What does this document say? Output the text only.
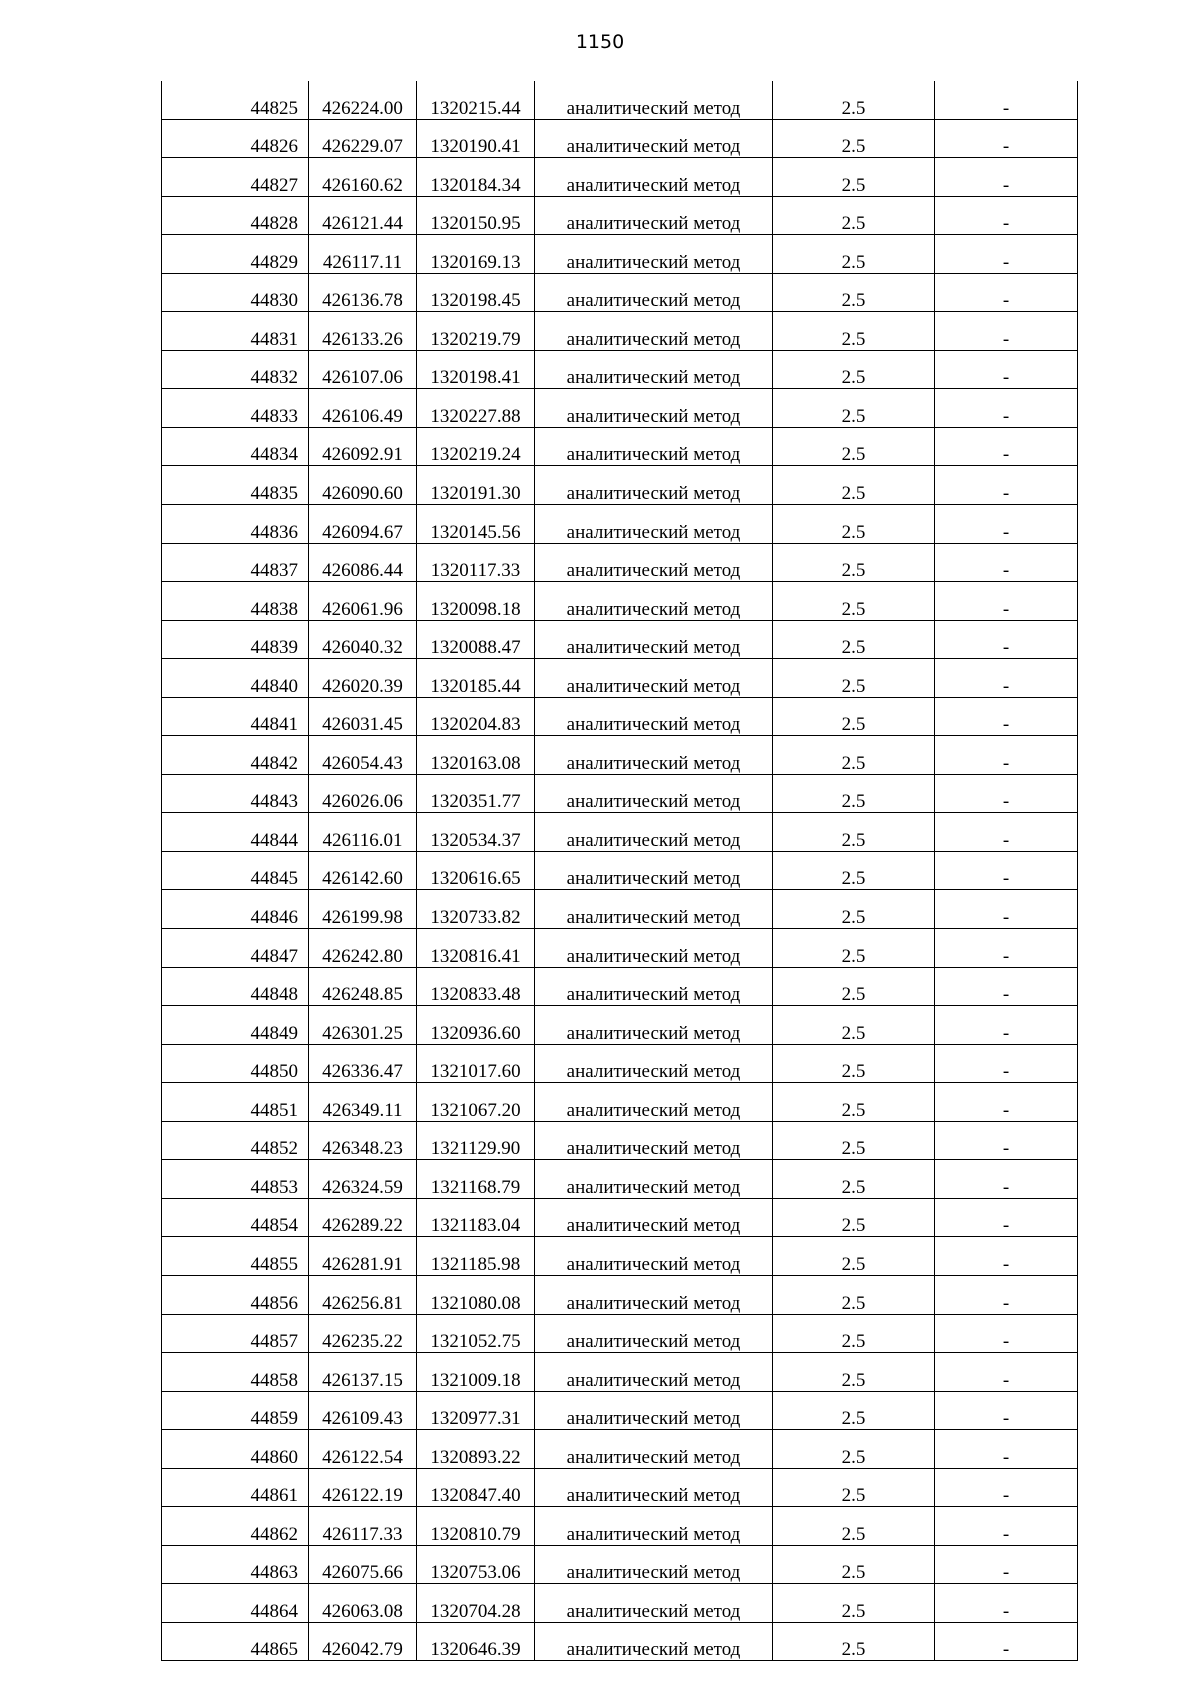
1150
44825	426224.00	1320215.44	аналитический метод	2.5	-
44826	426229.07	1320190.41	аналитический метод	2.5	-
44827	426160.62	1320184.34	аналитический метод	2.5	-
44828	426121.44	1320150.95	аналитический метод	2.5	-
44829	426117.11	1320169.13	аналитический метод	2.5	-
44830	426136.78	1320198.45	аналитический метод	2.5	-
44831	426133.26	1320219.79	аналитический метод	2.5	-
44832	426107.06	1320198.41	аналитический метод	2.5	-
44833	426106.49	1320227.88	аналитический метод	2.5	-
44834	426092.91	1320219.24	аналитический метод	2.5	-
44835	426090.60	1320191.30	аналитический метод	2.5	-
44836	426094.67	1320145.56	аналитический метод	2.5	-
44837	426086.44	1320117.33	аналитический метод	2.5	-
44838	426061.96	1320098.18	аналитический метод	2.5	-
44839	426040.32	1320088.47	аналитический метод	2.5	-
44840	426020.39	1320185.44	аналитический метод	2.5	-
44841	426031.45	1320204.83	аналитический метод	2.5	-
44842	426054.43	1320163.08	аналитический метод	2.5	-
44843	426026.06	1320351.77	аналитический метод	2.5	-
44844	426116.01	1320534.37	аналитический метод	2.5	-
44845	426142.60	1320616.65	аналитический метод	2.5	-
44846	426199.98	1320733.82	аналитический метод	2.5	-
44847	426242.80	1320816.41	аналитический метод	2.5	-
44848	426248.85	1320833.48	аналитический метод	2.5	-
44849	426301.25	1320936.60	аналитический метод	2.5	-
44850	426336.47	1321017.60	аналитический метод	2.5	-
44851	426349.11	1321067.20	аналитический метод	2.5	-
44852	426348.23	1321129.90	аналитический метод	2.5	-
44853	426324.59	1321168.79	аналитический метод	2.5	-
44854	426289.22	1321183.04	аналитический метод	2.5	-
44855	426281.91	1321185.98	аналитический метод	2.5	-
44856	426256.81	1321080.08	аналитический метод	2.5	-
44857	426235.22	1321052.75	аналитический метод	2.5	-
44858	426137.15	1321009.18	аналитический метод	2.5	-
44859	426109.43	1320977.31	аналитический метод	2.5	-
44860	426122.54	1320893.22	аналитический метод	2.5	-
44861	426122.19	1320847.40	аналитический метод	2.5	-
44862	426117.33	1320810.79	аналитический метод	2.5	-
44863	426075.66	1320753.06	аналитический метод	2.5	-
44864	426063.08	1320704.28	аналитический метод	2.5	-
44865	426042.79	1320646.39	аналитический метод	2.5	-
